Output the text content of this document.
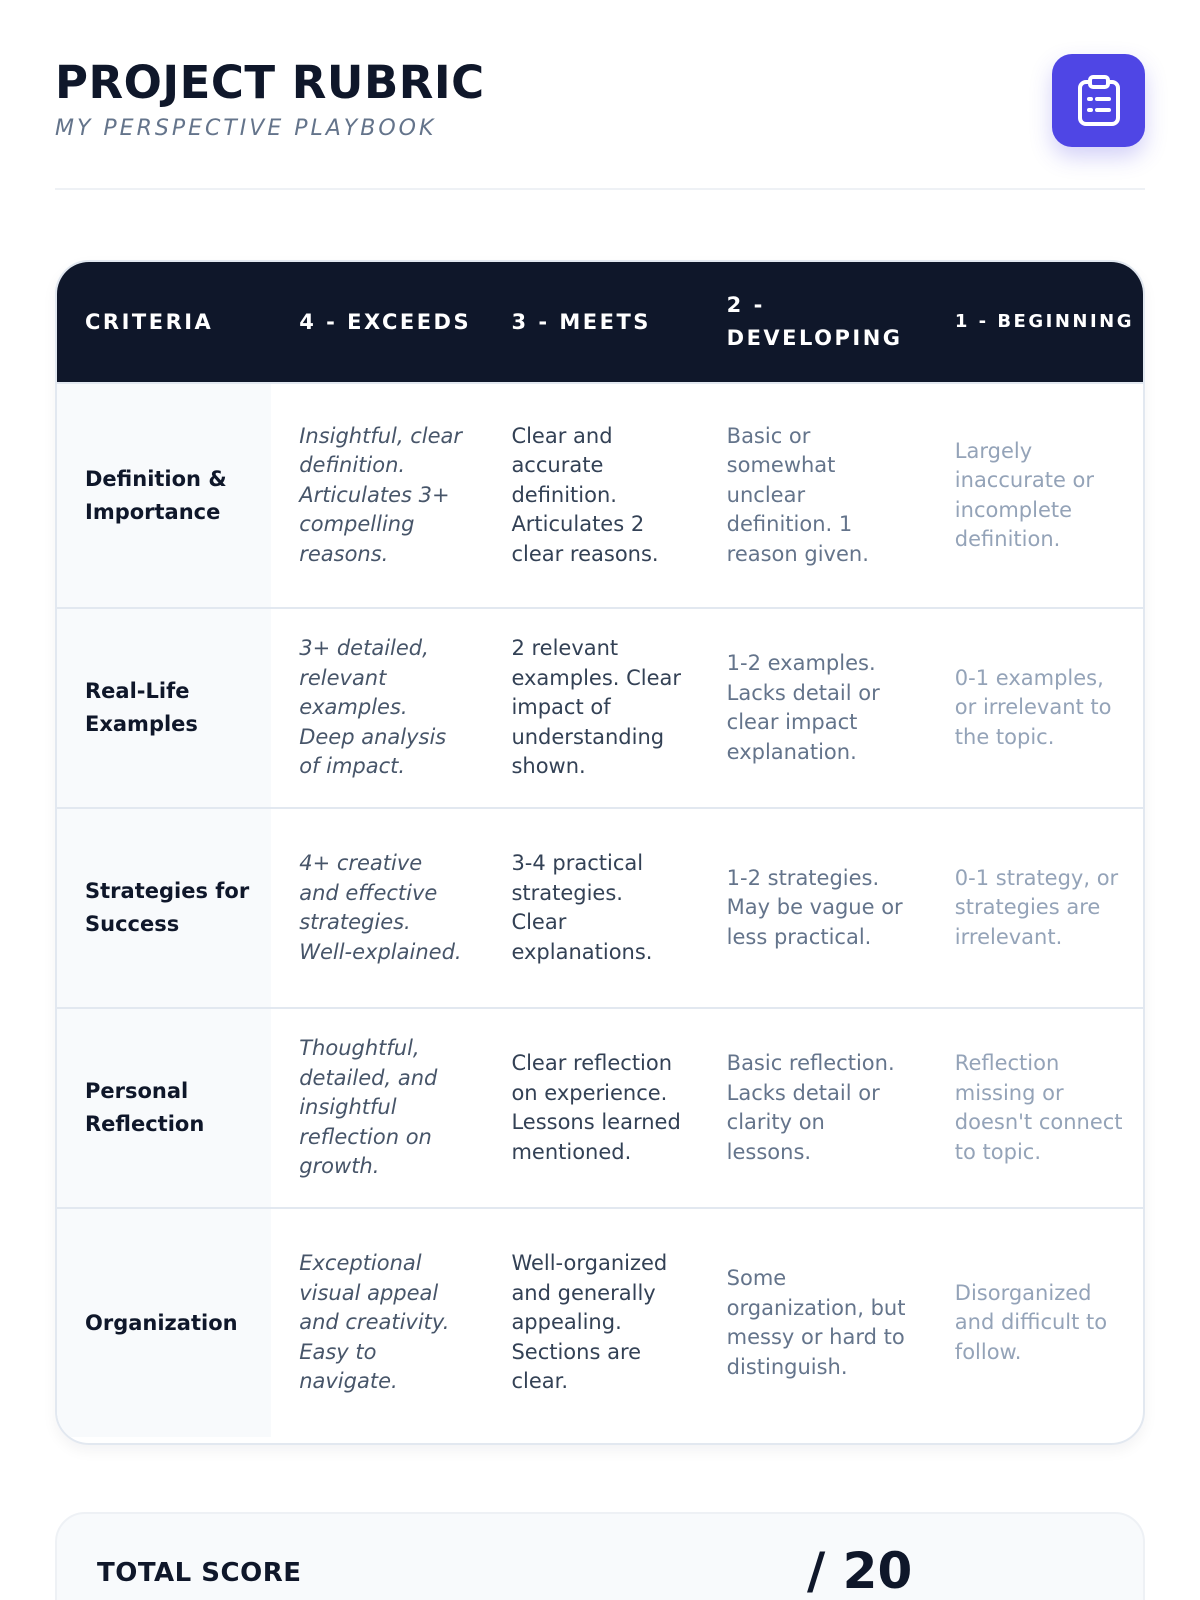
PROJECT RUBRIC
MY PERSPECTIVE PLAYBOOK
CRITERIA	4 - EXCEEDS 3 - MEETS
2 - DEVELOPING
1 - BEGINNING
Definition & Importance
Insightful, clear definition. Articulates 3+ compelling reasons.
Clear and accurate definition. Articulates 2 clear reasons.
Basic or somewhat unclear definition. 1 reason given.
Largely inaccurate or incomplete definition.
Real-Life Examples
3+ detailed, relevant examples. Deep analysis of impact.
2 relevant examples. Clear impact of understanding shown.
1-2 examples. Lacks detail or clear impact explanation.
0-1 examples, or irrelevant to the topic.
Strategies for Success
4+ creative and effective strategies. Well-explained.
3-4 practical strategies. Clear explanations.
1-2 strategies. May be vague or less practical.
0-1 strategy, or strategies are irrelevant.
Personal Reflection
Thoughtful, detailed, and insightful reflection on growth.
Clear reflection on experience. Lessons learned mentioned.
Basic reflection. Lacks detail or clarity on lessons.
Reflection missing or doesn't connect to topic.
Organization
Exceptional visual appeal and creativity. Easy to navigate.
Well-organized and generally appealing. Sections are clear.
Some organization, but messy or hard to distinguish.
Disorganized and difficult to follow.
TOTAL SCORE	/ 20
